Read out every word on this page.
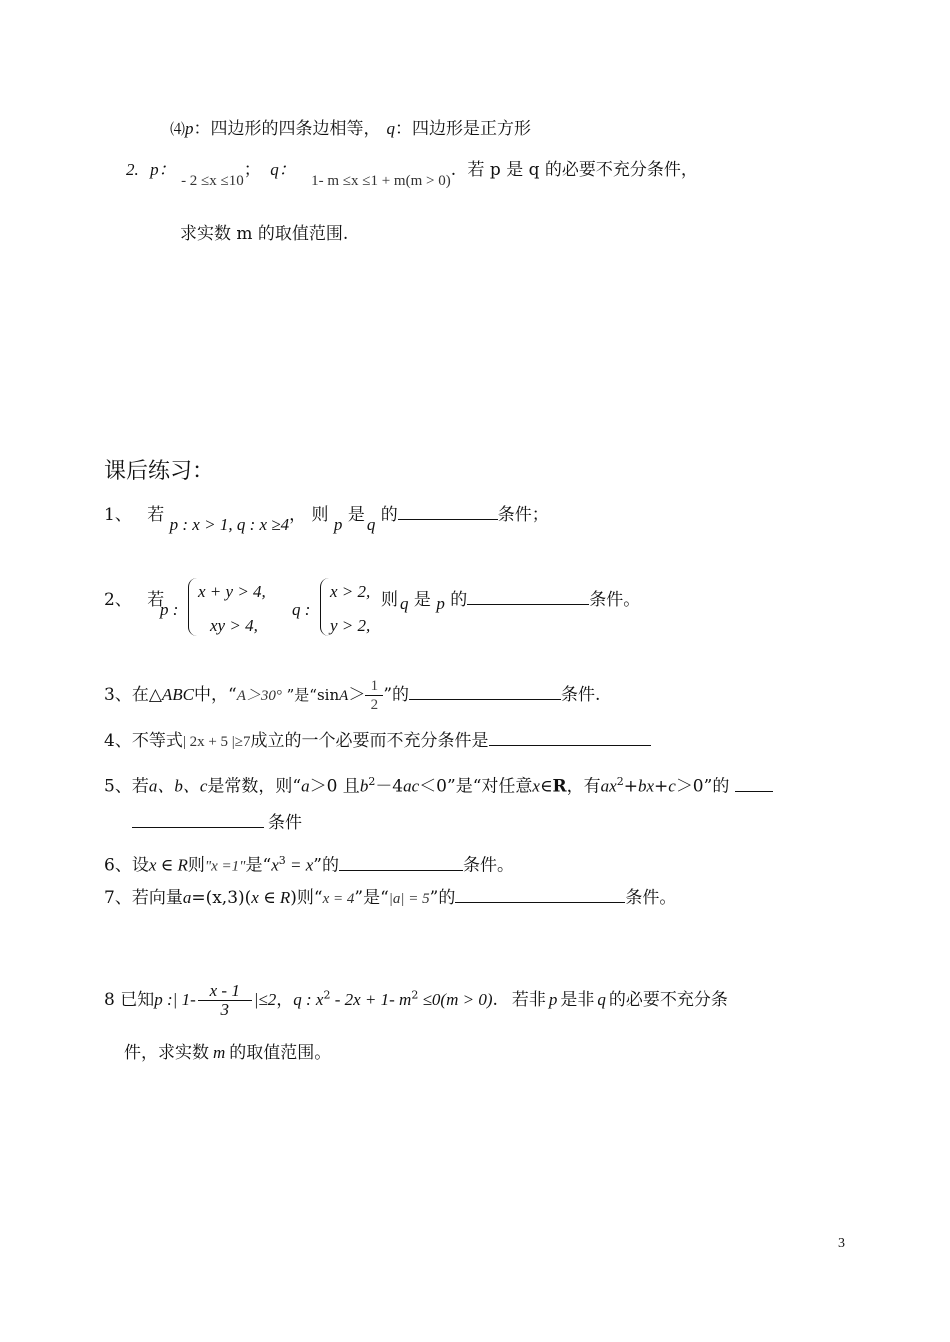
⑷p：四边形的四条边相等， q：四边形是正方形
2. p： - 2 ≤x ≤10； q： 1- m ≤x ≤1 + m(m > 0). 若 p 是 q 的必要不充分条件，
求实数 m 的取值范围.
课后练习：
1、 若 p : x > 1, q : x ≥4， 则 p 是 q 的	条件；
2、 若
p :
x + y > 4,
xy > 4,
q :
x > 2,
y > 2,
则 q 是 p 的	条件。
3、在△ABC中，“A＞30° ”是“$\sin A> \frac{1}{2}$ ”的	条件.
4、不等式| 2x + 5 |≥7成立的一个必要而不充分条件是
5、若a、b、c是常数，则“a＞0 且$b^2-4ac<0$”是“对任意x∈R，有$ax^2+bx+c>0$”的
条件
6、设x ∈ R则"x =1"是“$x^3 = x$”的	条件。
7、若向量a=(x,3)(x ∈ R)则“x = 4”是“|a| = 5”的	条件。
8 已知p :| $1- \frac{x - 1}{3} |\le 2$，q : $x^2 - 2x + 1-$ $m^2 \le 0(m > 0)$. 若非 p 是非 q 的必要不充分条
件，求实数 m 的取值范围。
3
